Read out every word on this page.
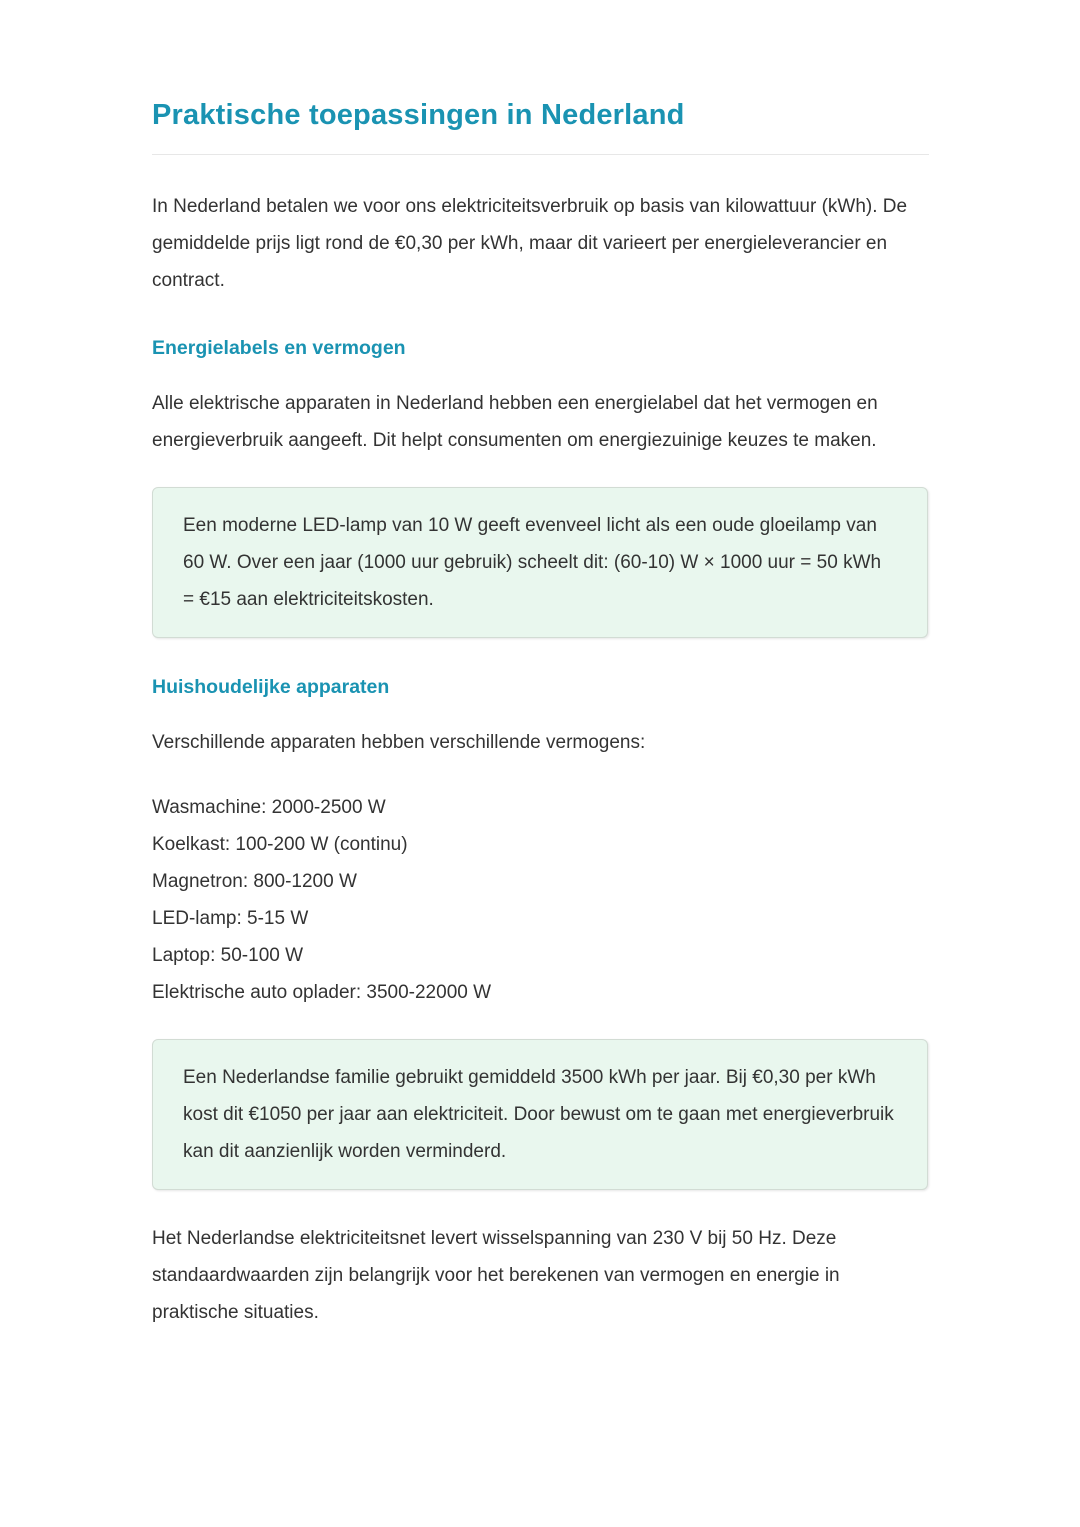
Praktische toepassingen in Nederland

In Nederland betalen we voor ons elektriciteitsverbruik op basis van kilowattuur (kWh). De gemiddelde prijs ligt rond de €0,30 per kWh, maar dit varieert per energieleverancier en contract.

Energielabels en vermogen

Alle elektrische apparaten in Nederland hebben een energielabel dat het vermogen en energieverbruik aangeeft. Dit helpt consumenten om energiezuinige keuzes te maken.

Een moderne LED-lamp van 10 W geeft evenveel licht als een oude gloeilamp van 60 W. Over een jaar (1000 uur gebruik) scheelt dit: (60-10) W × 1000 uur = 50 kWh = €15 aan elektriciteitskosten.

Huishoudelijke apparaten

Verschillende apparaten hebben verschillende vermogens:

Wasmachine: 2000-2500 W
Koelkast: 100-200 W (continu)
Magnetron: 800-1200 W
LED-lamp: 5-15 W
Laptop: 50-100 W
Elektrische auto oplader: 3500-22000 W

Een Nederlandse familie gebruikt gemiddeld 3500 kWh per jaar. Bij €0,30 per kWh kost dit €1050 per jaar aan elektriciteit. Door bewust om te gaan met energieverbruik kan dit aanzienlijk worden verminderd.

Het Nederlandse elektriciteitsnet levert wisselspanning van 230 V bij 50 Hz. Deze standaardwaarden zijn belangrijk voor het berekenen van vermogen en energie in praktische situaties.
